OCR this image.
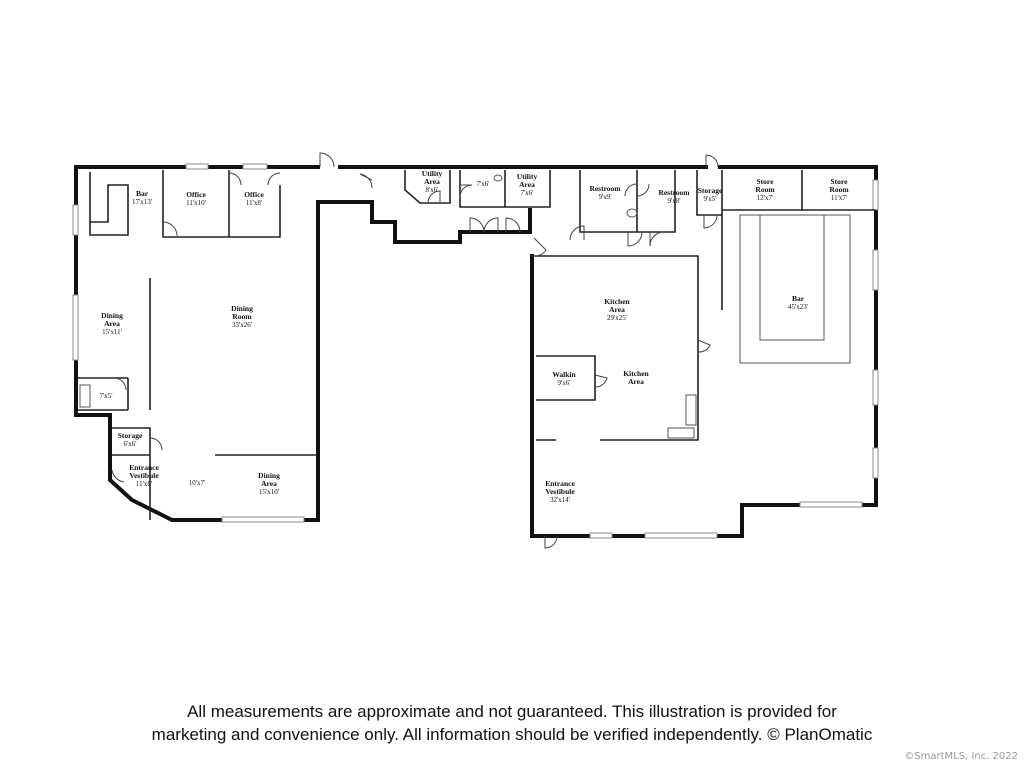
Bar
17'x13'
Office
11'x10'
Office
11'x8'
Dining
Area
15'x11'
Dining
Room
33'x26'
7'x5'
Storage
6'x6'
Entrance
Vestibule
11'x8'	10'x7'
Dining
Area
15'x10'
Utility
Area
8'x6'
7'x6'
Utility
Area
7'x6'	Restroom
9'x9'	Restroom
9'x8'
Storage
9'x5'
Store
Room
12'x7'
Store
Room
11'x7'
Kitchen
Area
29'x25'
Walkin
9'x6'
Kitchen
Area
Bar
45'x23'
Entrance
Vestibule
32'x14'
All measurements are approximate and not guaranteed. This illustration is provided for
marketing and convenience only. All information should be verified independently. © PlanOmatic
©SmartMLS, Inc. 2022
